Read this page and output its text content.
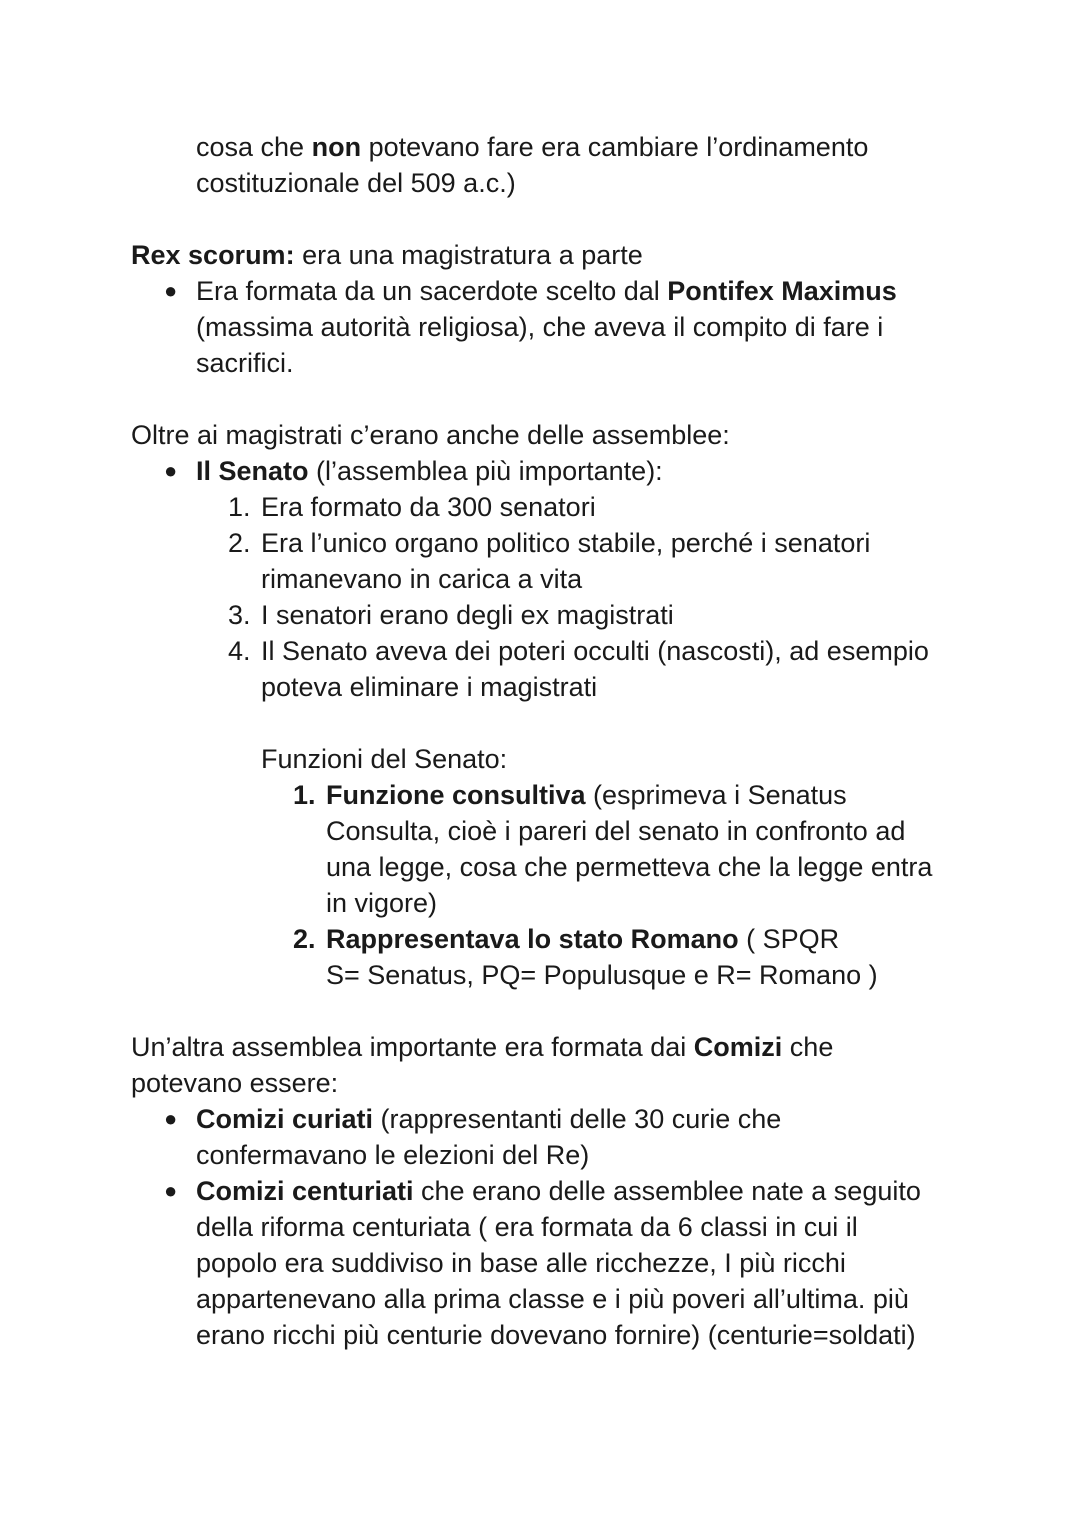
cosa che non potevano fare era cambiare l’ordinamento
costituzionale del 509 a.c.)
Rex scorum: era una magistratura a parte
● Era formata da un sacerdote scelto dal Pontifex Maximus
(massima autorità religiosa), che aveva il compito di fare i
sacrifici.
Oltre ai magistrati c’erano anche delle assemblee:
● Il Senato (l’assemblea più importante):
1. Era formato da 300 senatori
2. Era l’unico organo politico stabile, perché i senatori
rimanevano in carica a vita
3. I senatori erano degli ex magistrati
4. Il Senato aveva dei poteri occulti (nascosti), ad esempio
poteva eliminare i magistrati
Funzioni del Senato:
1. Funzione consultiva (esprimeva i Senatus
Consulta, cioè i pareri del senato in confronto ad
una legge, cosa che permetteva che la legge entra
in vigore)
2. Rappresentava lo stato Romano ( SPQR
S= Senatus, PQ= Populusque e R= Romano )
Un’altra assemblea importante era formata dai Comizi che
potevano essere:
● Comizi curiati (rappresentanti delle 30 curie che
confermavano le elezioni del Re)
● Comizi centuriati che erano delle assemblee nate a seguito
della riforma centuriata ( era formata da 6 classi in cui il
popolo era suddiviso in base alle ricchezze, I più ricchi
appartenevano alla prima classe e i più poveri all’ultima. più
erano ricchi più centurie dovevano fornire) (centurie=soldati)
